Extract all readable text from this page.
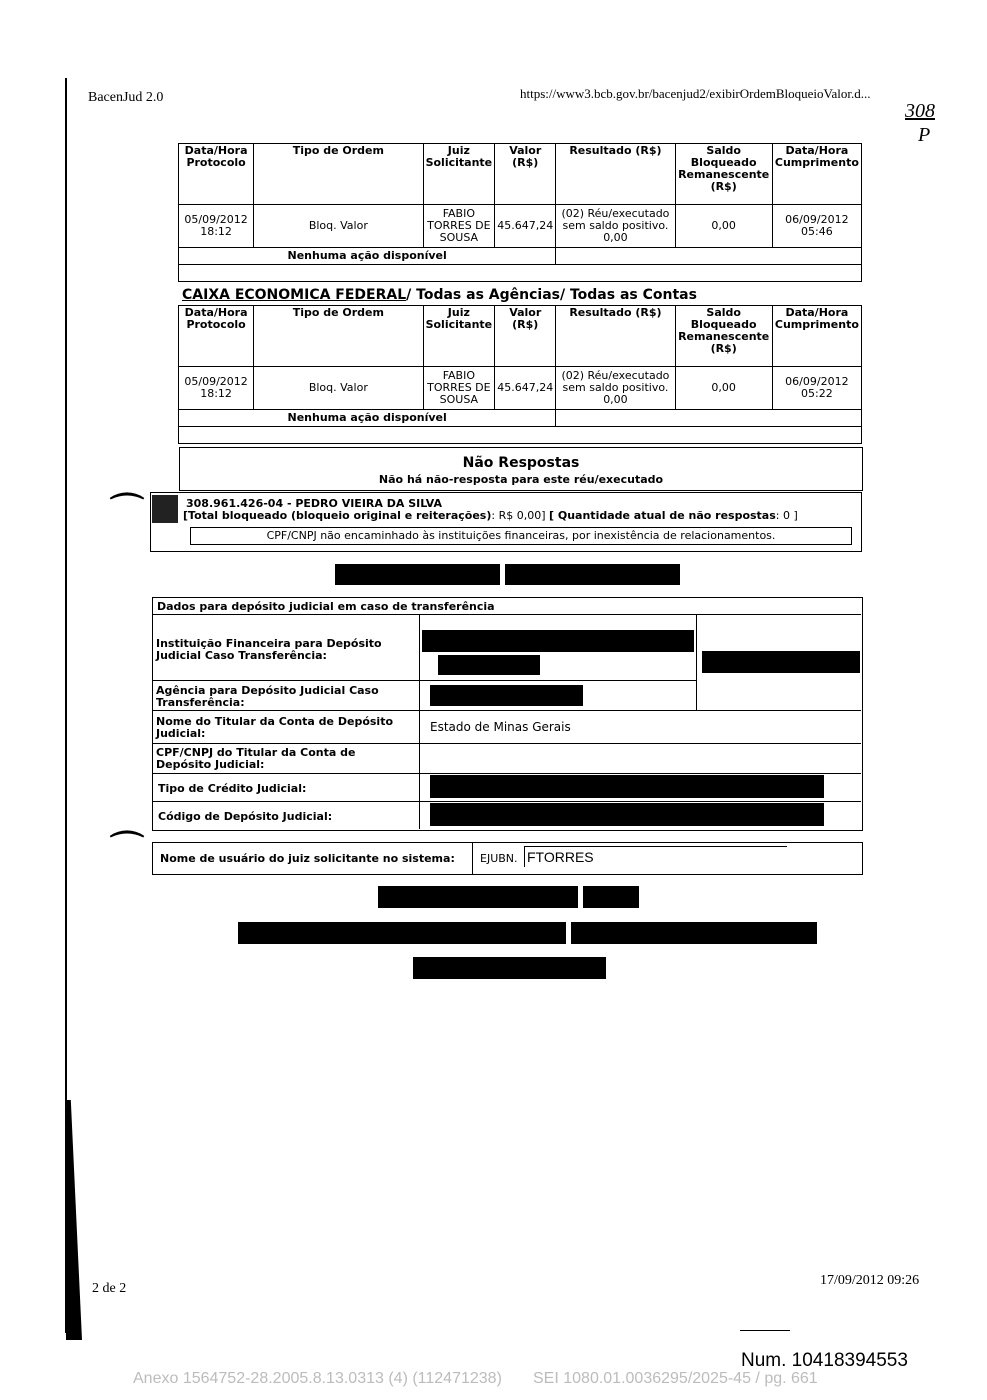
BacenJud 2.0	https://www3.bcb.gov.br/bacenjud2/exibirOrdemBloqueioValor.d...
308
P
Data/Hora Protocolo	Tipo de Ordem	Juiz Solicitante	Valor (R$)	Resultado (R$)	Saldo Bloqueado Remanescente (R$)	Data/Hora Cumprimento
05/09/2012 18:12	Bloq. Valor	FABIO TORRES DE SOUSA	45.647,24	(02) Réu/executado sem saldo positivo. 0,00	0,00	06/09/2012 05:46
Nenhuma ação disponível						

CAIXA ECONOMICA FEDERAL/ Todas as Agências/ Todas as Contas
Data/Hora Protocolo	Tipo de Ordem	Juiz Solicitante	Valor (R$)	Resultado (R$)	Saldo Bloqueado Remanescente (R$)	Data/Hora Cumprimento
05/09/2012 18:12	Bloq. Valor	FABIO TORRES DE SOUSA	45.647,24	(02) Réu/executado sem saldo positivo. 0,00	0,00	06/09/2012 05:22
Nenhuma ação disponível						

Não Respostas
Não há não-resposta para este réu/executado
⌒	308.961.426-04 - PEDRO VIEIRA DA SILVA
[Total bloqueado (bloqueio original e reiterações): R$ 0,00] [ Quantidade atual de não respostas: 0 ]
CPF/CNPJ não encaminhado às instituições financeiras, por inexistência de relacionamentos.
Dados para depósito judicial em caso de transferência
Instituição Financeira para Depósito Judicial Caso Transferência:
Agência para Depósito Judicial Caso Transferência:
Nome do Titular da Conta de Depósito Judicial:	Estado de Minas Gerais
CPF/CNPJ do Titular da Conta de Depósito Judicial:
Tipo de Crédito Judicial:
Código de Depósito Judicial:
⌒ Nome de usuário do juiz solicitante no sistema: EJUBN. FTORRES
2 de 2
17/09/2012 09:26
Num. 10418394553
Anexo 1564752-28.2005.8.13.0313 (4) (112471238)       SEI 1080.01.0036295/2025-45 / pg. 661
